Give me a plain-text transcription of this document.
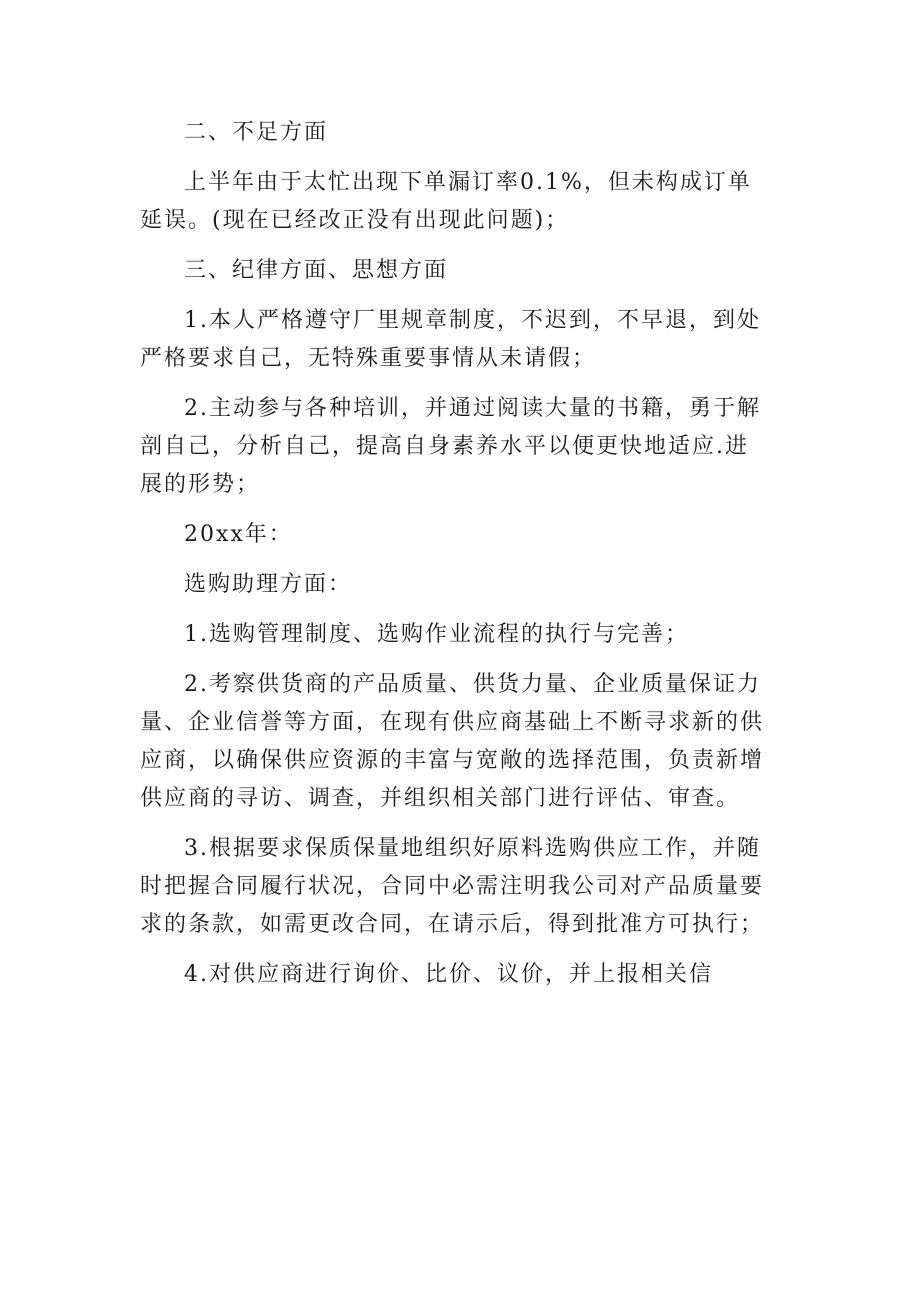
二、不足方面

上半年由于太忙出现下单漏订率0.1%，但未构成订单延误。(现在已经改正没有出现此问题)；

三、纪律方面、思想方面

1.本人严格遵守厂里规章制度，不迟到，不早退，到处严格要求自己，无特殊重要事情从未请假；

2.主动参与各种培训，并通过阅读大量的书籍，勇于解剖自己，分析自己，提高自身素养水平以便更快地适应.进展的形势；

20xx年：

选购助理方面：

1.选购管理制度、选购作业流程的执行与完善；

2.考察供货商的产品质量、供货力量、企业质量保证力量、企业信誉等方面，在现有供应商基础上不断寻求新的供应商，以确保供应资源的丰富与宽敞的选择范围，负责新增供应商的寻访、调查，并组织相关部门进行评估、审查。

3.根据要求保质保量地组织好原料选购供应工作，并随时把握合同履行状况，合同中必需注明我公司对产品质量要求的条款，如需更改合同，在请示后，得到批准方可执行；

4.对供应商进行询价、比价、议价，并上报相关信
